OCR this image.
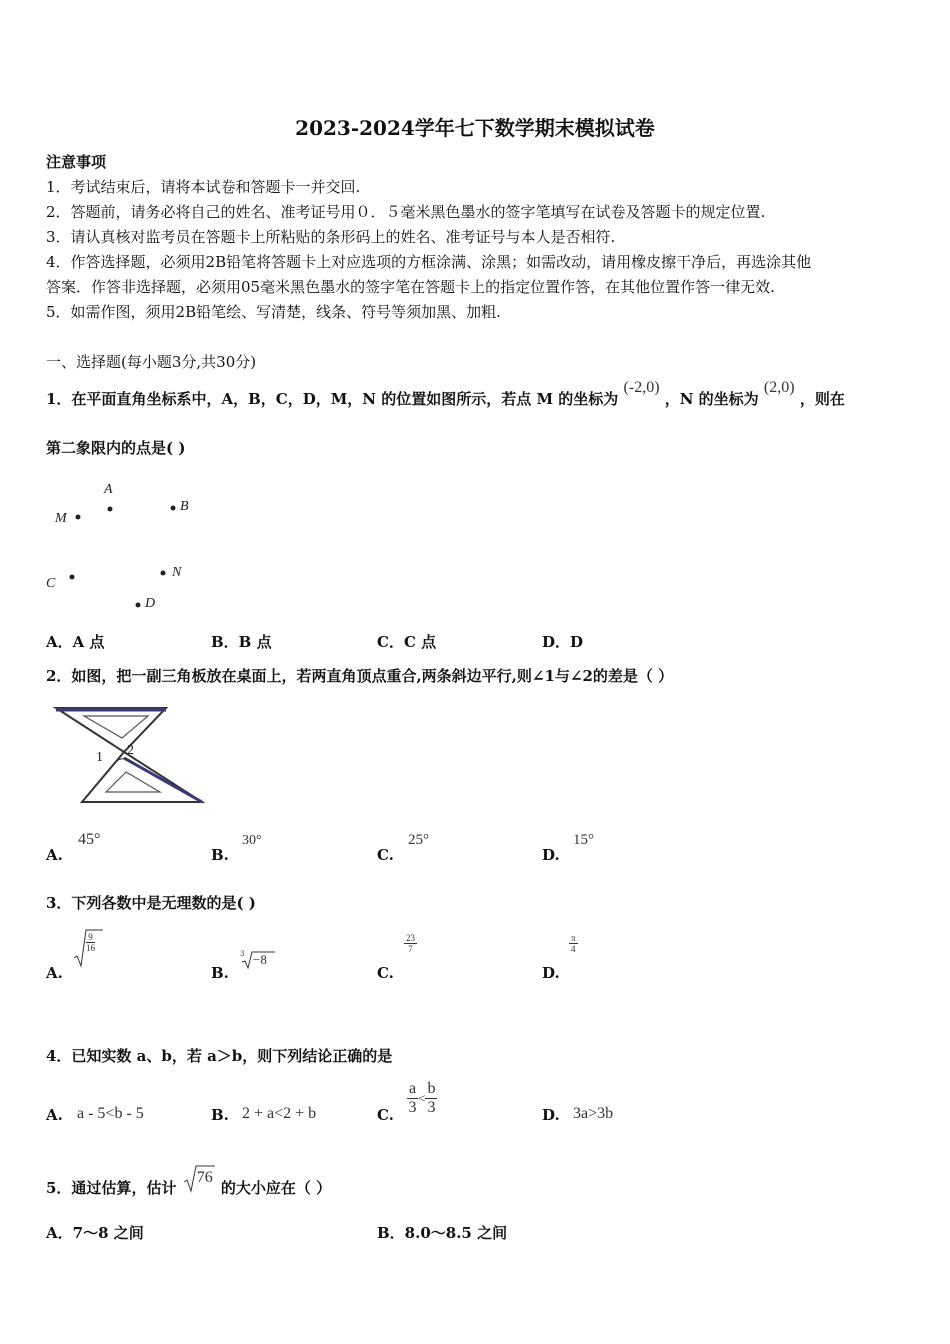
2023-2024学年七下数学期末模拟试卷
注意事项
1．考试结束后，请将本试卷和答题卡一并交回.
2．答题前，请务必将自己的姓名、准考证号用０．５毫米黑色墨水的签字笔填写在试卷及答题卡的规定位置.
3．请认真核对监考员在答题卡上所粘贴的条形码上的姓名、准考证号与本人是否相符.
4．作答选择题，必须用2B铅笔将答题卡上对应选项的方框涂满、涂黑；如需改动，请用橡皮擦干净后，再选涂其他
答案．作答非选择题，必须用05毫米黑色墨水的签字笔在答题卡上的指定位置作答，在其他位置作答一律无效.
5．如需作图，须用2B铅笔绘、写清楚，线条、符号等须加黑、加粗.
一、选择题(每小题3分,共30分)
1．在平面直角坐标系中，A，B，C，D，M，N 的位置如图所示，若点 M 的坐标为 (-2,0) ，N 的坐标为 (2,0) ，则在
第二象限内的点是( )
A
B
M
C
N
D
A．A 点	B．B 点	C．C 点	D．D
2．如图，把一副三角板放在桌面上，若两直角顶点重合,两条斜边平行,则∠1与∠2的差是（ ）
1 2
A.
45°
B.
30°
C.
25°
D.
15°
3．下列各数中是无理数的是( )
A.
$\frac{9}{16}$
B.
3 −8
C.
$\frac{23}{7}$
D.
$\frac{\pi}{4}$
4．已知实数 a、b，若 a＞b，则下列结论正确的是
A. a - 5<b - 5	B. 2 + a<2 + b	C. $\frac{a}{3} < \frac{b}{3}$	D. 3a>3b
5．通过估算，估计
76
的大小应在（ ）
A．7～8 之间	B．8.0～8.5 之间
